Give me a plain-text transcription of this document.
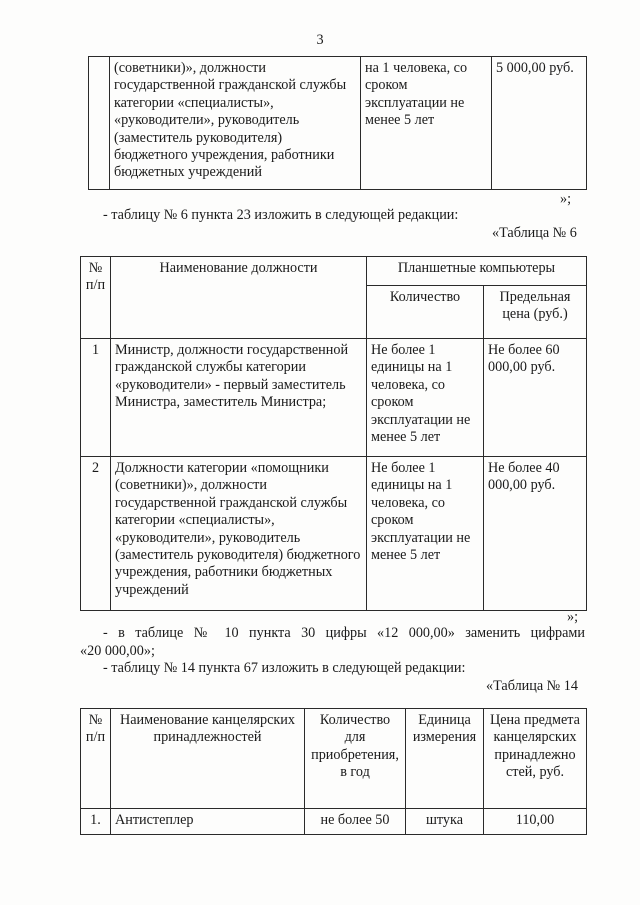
3
	(советники)», должности государственной гражданской службы категории «специалисты», «руководители», руководитель (заместитель руководителя) бюджетного учреждения, работники бюджетных учреждений	на 1 человека, со сроком эксплуатации не менее 5 лет	5 000,00 руб.
»;
- таблицу № 6 пункта 23 изложить в следующей редакции:
«Таблица № 6
№ п/п	Наименование должности	Планшетные компьютеры	
		Количество	Предельная цена (руб.)
1	Министр, должности государственной гражданской службы категории «руководители» - первый заместитель Министра, заместитель Министра;	Не более 1 единицы на 1 человека, со сроком эксплуатации не менее 5 лет	Не более 60 000,00 руб.
2	Должности категории «помощники (советники)», должности государственной гражданской службы категории «специалисты», «руководители», руководитель (заместитель руководителя) бюджетного учреждения, работники бюджетных учреждений	Не более 1 единицы на 1 человека, со сроком эксплуатации не менее 5 лет	Не более 40 000,00 руб.
»;
- в таблице № 10 пункта 30 цифры «12 000,00» заменить цифрами
«20 000,00»;
- таблицу № 14 пункта 67 изложить в следующей редакции:
«Таблица № 14
№ п/п	Наименование канцелярских принадлежностей	Количество для приобретения, в год	Единица измерения	Цена предмета канцелярских принадлежно стей, руб.
1.	Антистеплер	не более 50	штука	110,00
